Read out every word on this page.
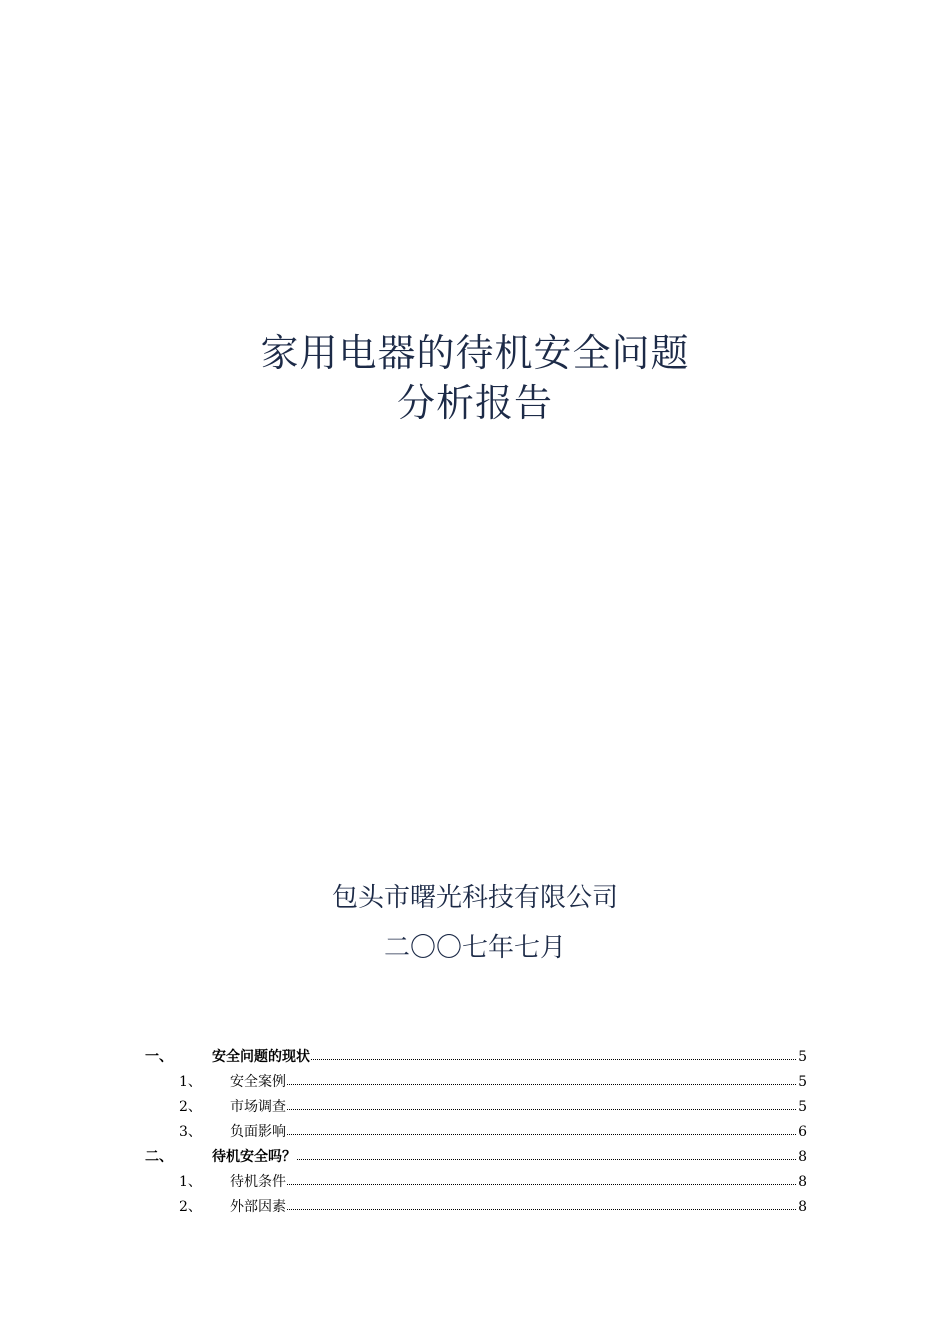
家用电器的待机安全问题
分析报告
包头市曙光科技有限公司
二〇〇七年七月
一、	安全问题的现状	5
1、	安全案例	5
2、	市场调查	5
3、	负面影响	6
二、	待机安全吗？	8
1、	待机条件	8
2、	外部因素	8
